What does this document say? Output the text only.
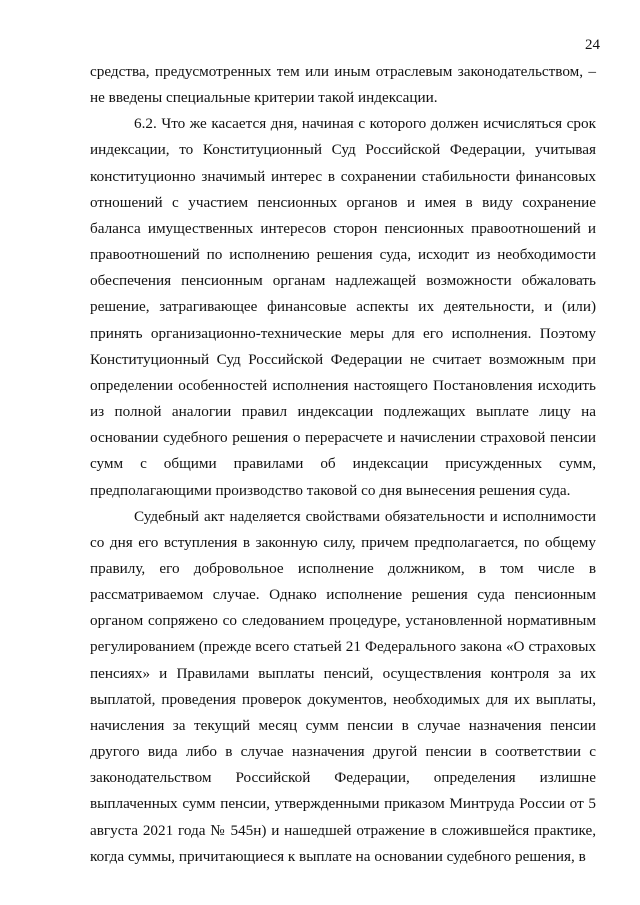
24

средства, предусмотренных тем или иным отраслевым законодательством, – не введены специальные критерии такой индексации.

6.2. Что же касается дня, начиная с которого должен исчисляться срок индексации, то Конституционный Суд Российской Федерации, учитывая конституционно значимый интерес в сохранении стабильности финансовых отношений с участием пенсионных органов и имея в виду сохранение баланса имущественных интересов сторон пенсионных правоотношений и правоотношений по исполнению решения суда, исходит из необходимости обеспечения пенсионным органам надлежащей возможности обжаловать решение, затрагивающее финансовые аспекты их деятельности, и (или) принять организационно-технические меры для его исполнения. Поэтому Конституционный Суд Российской Федерации не считает возможным при определении особенностей исполнения настоящего Постановления исходить из полной аналогии правил индексации подлежащих выплате лицу на основании судебного решения о перерасчете и начислении страховой пенсии сумм с общими правилами об индексации присужденных сумм, предполагающими производство таковой со дня вынесения решения суда.

Судебный акт наделяется свойствами обязательности и исполнимости со дня его вступления в законную силу, причем предполагается, по общему правилу, его добровольное исполнение должником, в том числе в рассматриваемом случае. Однако исполнение решения суда пенсионным органом сопряжено со следованием процедуре, установленной нормативным регулированием (прежде всего статьей 21 Федерального закона «О страховых пенсиях» и Правилами выплаты пенсий, осуществления контроля за их выплатой, проведения проверок документов, необходимых для их выплаты, начисления за текущий месяц сумм пенсии в случае назначения пенсии другого вида либо в случае назначения другой пенсии в соответствии с законодательством Российской Федерации, определения излишне выплаченных сумм пенсии, утвержденными приказом Минтруда России от 5 августа 2021 года № 545н) и нашедшей отражение в сложившейся практике, когда суммы, причитающиеся к выплате на основании судебного решения, в
